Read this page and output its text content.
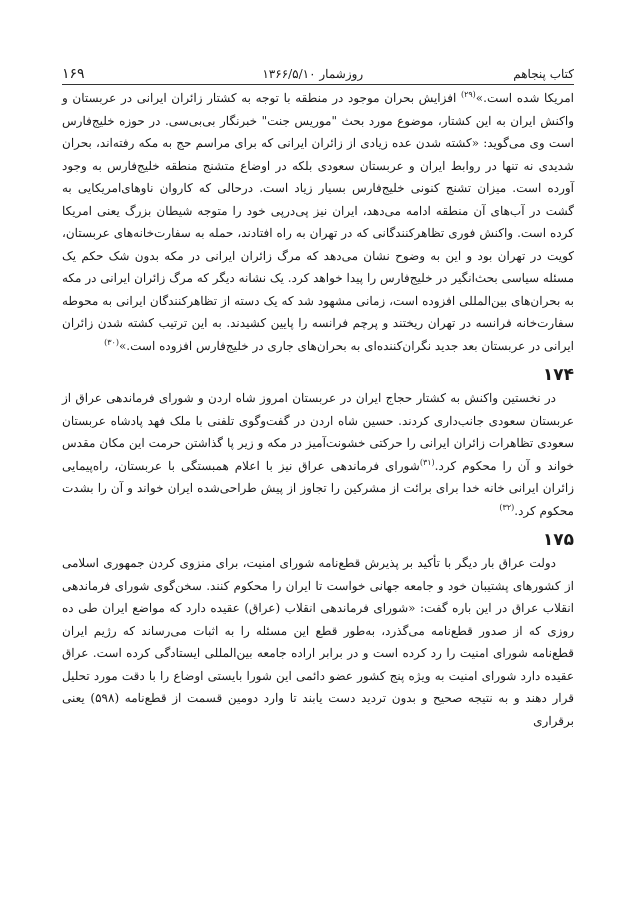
کتاب پنجاهم
روزشمار ۱۳۶۶/۵/۱۰
۱۶۹

امریکا شده است.»$^{(۲۹)}$ افزایش بحران موجود در منطقه با توجه به کشتار زائران ایرانی در عربستان و واکنش ایران به این کشتار، موضوع مورد بحث "موریس جنت" خبرنگار بی‌بی‌سی. در حوزه خلیج‌فارس است وی می‌گوید: «کشته شدن عده زیادی از زائران ایرانی که برای مراسم حج به مکه رفته‌اند، بحران شدیدی نه تنها در روابط ایران و عربستان سعودی بلکه در اوضاع متشنج منطقه خلیج‌فارس به وجود آورده است. میزان تشنج کنونی خلیج‌فارس بسیار زیاد است. درحالی که کاروان ناوهای‌امریکایی به گشت در آب‌های آن منطقه ادامه می‌دهد، ایران نیز پی‌درپی خود را متوجه شیطان بزرگ یعنی امریکا کرده است. واکنش فوری تظاهرکنندگانی که در تهران به راه افتادند، حمله به سفارت‌خانه‌های عربستان، کویت در تهران بود و این به وضوح نشان می‌دهد که مرگ زائران ایرانی در مکه بدون شک حکم یک مسئله سیاسی بحث‌انگیر در خلیج‌فارس را پیدا خواهد کرد. یک نشانه دیگر که مرگ زائران ایرانی در مکه به بحران‌های بین‌المللی افزوده است، زمانی مشهود شد که یک دسته از تظاهرکنندگان ایرانی به محوطه سفارت‌خانه فرانسه در تهران ریختند و پرچم فرانسه را پایین کشیدند. به این ترتیب کشته شدن زائران ایرانی در عربستان بعد جدید نگران‌کننده‌ای به بحران‌های جاری در خلیج‌فارس افزوده است.»$^{(۳۰)}$

۱۷۴

در نخستین واکنش به کشتار حجاج ایران در عربستان امروز شاه اردن و شورای فرماندهی عراق از عربستان سعودی جانب‌داری کردند. حسین شاه اردن در گفت‌وگوی تلفنی با ملک فهد پادشاه عربستان سعودی تظاهرات زائران ایرانی را حرکتی خشونت‌آمیز در مکه و زیر پا گذاشتن حرمت این مکان مقدس خواند و آن را محکوم کرد.$^{(۳۱)}$شورای فرماندهی عراق نیز با اعلام همبستگی با عربستان، راه‌پیمایی زائران ایرانی خانه خدا برای برائت از مشرکین را تجاوز از پیش طراحی‌شده ایران خواند و آن را بشدت محکوم کرد.$^{(۳۲)}$

۱۷۵

دولت عراق بار دیگر با تأکید بر پذیرش قطع‌نامه شورای امنیت، برای منزوی کردن جمهوری اسلامی از کشورهای پشتیبان خود و جامعه جهانی خواست تا ایران را محکوم کنند. سخن‌گوی شورای فرماندهی انقلاب عراق در این باره گفت: «شورای فرماندهی انقلاب (عراق) عقیده دارد که مواضع ایران طی ده روزی که از صدور قطع‌نامه می‌گذرد، به‌طور قطع این مسئله را به اثبات می‌رساند که رژیم ایران قطع‌نامه شورای امنیت را رد کرده است و در برابر اراده جامعه بین‌المللی ایستادگی کرده است. عراق عقیده دارد شورای امنیت به ویژه پنج کشور عضو دائمی این شورا بایستی اوضاع را با دقت مورد تحلیل قرار دهند و به نتیجه صحیح و بدون تردید دست یابند تا وارد دومین قسمت از قطع‌نامه (۵۹۸) یعنی برقراری
